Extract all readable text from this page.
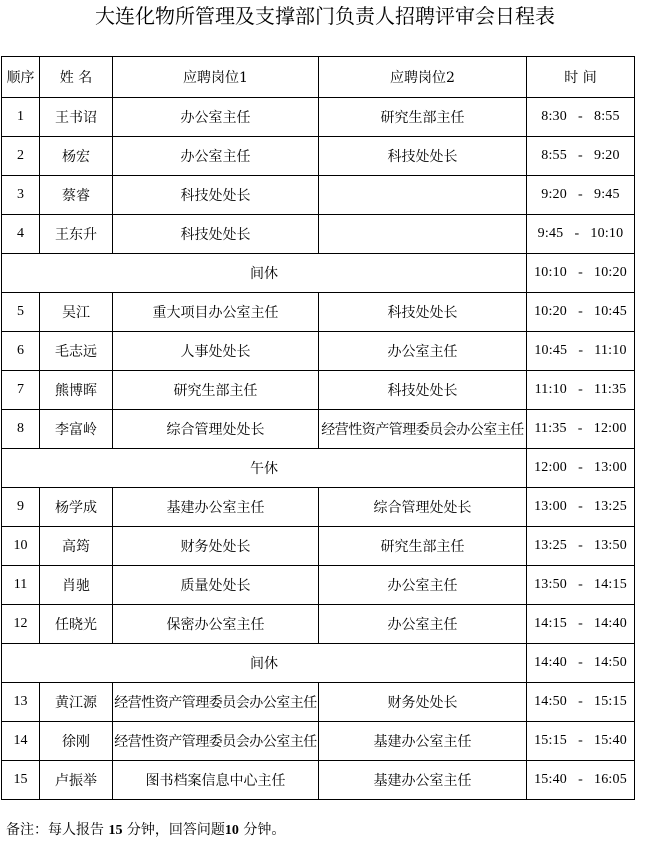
大连化物所管理及支撑部门负责人招聘评审会日程表
顺序	姓 名	应聘岗位1	应聘岗位2	时 间
1	王书诏	办公室主任	研究生部主任	8:30   -   8:55
2	杨宏	办公室主任	科技处处长	8:55   -   9:20
3	蔡睿	科技处处长		9:20   -   9:45
4	王东升	科技处处长		9:45   -   10:10
间休				10:10   -   10:20
5	吴江	重大项目办公室主任	科技处处长	10:20   -   10:45
6	毛志远	人事处处长	办公室主任	10:45   -   11:10
7	熊博晖	研究生部主任	科技处处长	11:10   -   11:35
8	李富岭	综合管理处处长	经营性资产管理委员会办公室主任	11:35   -   12:00
午休				12:00   -   13:00
9	杨学成	基建办公室主任	综合管理处处长	13:00   -   13:25
10	高筠	财务处处长	研究生部主任	13:25   -   13:50
11	肖驰	质量处处长	办公室主任	13:50   -   14:15
12	任晓光	保密办公室主任	办公室主任	14:15   -   14:40
间休				14:40   -   14:50
13	黄江源	经营性资产管理委员会办公室主任	财务处处长	14:50   -   15:15
14	徐刚	经营性资产管理委员会办公室主任	基建办公室主任	15:15   -   15:40
15	卢振举	图书档案信息中心主任	基建办公室主任	15:40   -   16:05
备注：每人报告 15 分钟，回答问题10 分钟。
